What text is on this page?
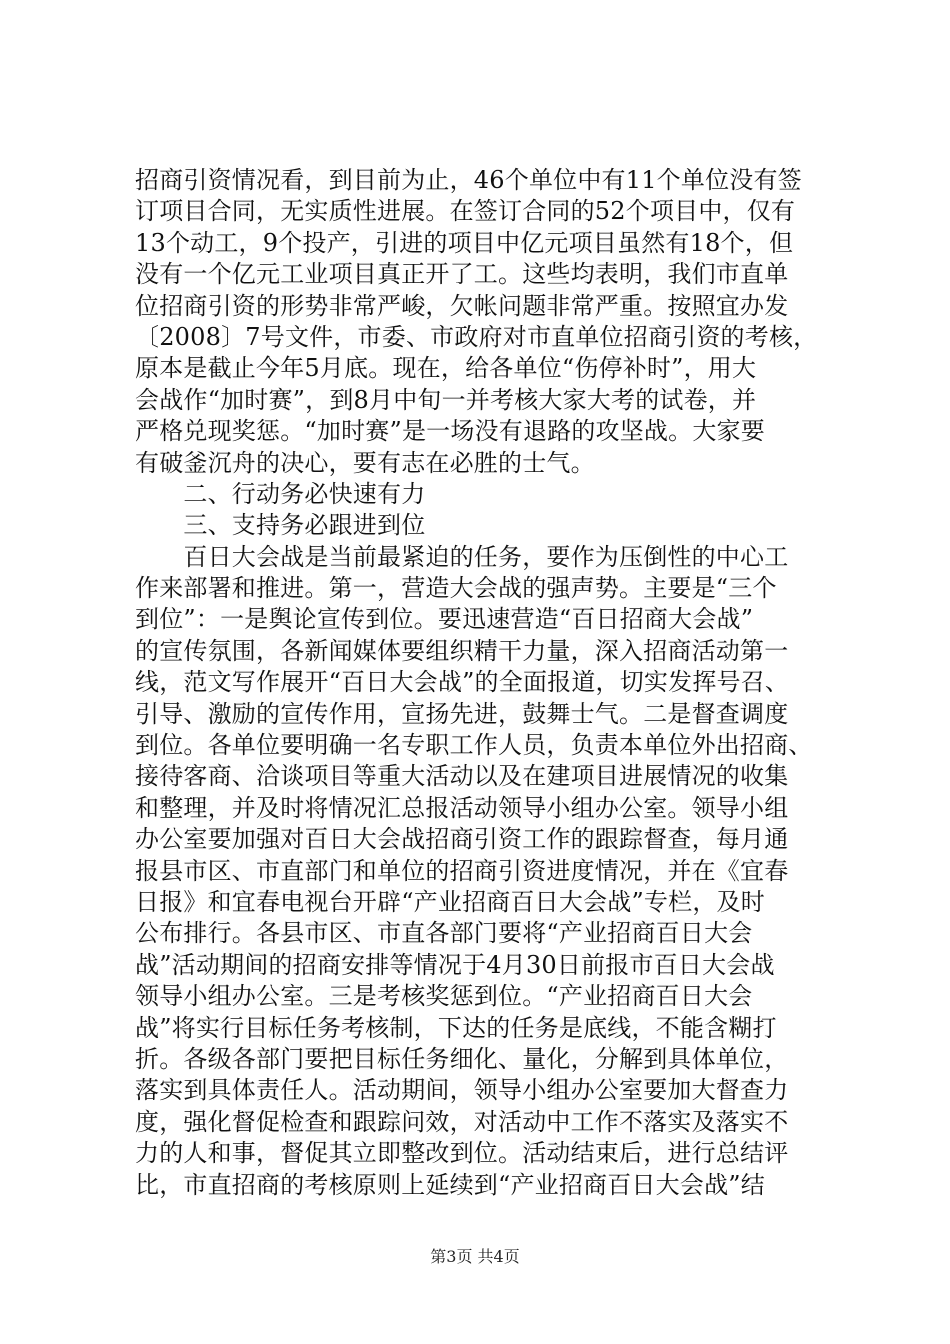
招商引资情况看，到目前为止，46个单位中有11个单位没有签
订项目合同，无实质性进展。在签订合同的52个项目中，仅有
13个动工，9个投产，引进的项目中亿元项目虽然有18个，但
没有一个亿元工业项目真正开了工。这些均表明，我们市直单
位招商引资的形势非常严峻，欠帐问题非常严重。按照宜办发
〔2008〕7号文件，市委、市政府对市直单位招商引资的考核，
原本是截止今年5月底。现在，给各单位“伤停补时”，用大
会战作“加时赛”，到8月中旬一并考核大家大考的试卷，并
严格兑现奖惩。“加时赛”是一场没有退路的攻坚战。大家要
有破釜沉舟的决心，要有志在必胜的士气。
　　二、行动务必快速有力
　　三、支持务必跟进到位
　　百日大会战是当前最紧迫的任务，要作为压倒性的中心工
作来部署和推进。第一，营造大会战的强声势。主要是“三个
到位”：一是舆论宣传到位。要迅速营造“百日招商大会战”
的宣传氛围，各新闻媒体要组织精干力量，深入招商活动第一
线，范文写作展开“百日大会战”的全面报道，切实发挥号召、
引导、激励的宣传作用，宣扬先进，鼓舞士气。二是督查调度
到位。各单位要明确一名专职工作人员，负责本单位外出招商、
接待客商、洽谈项目等重大活动以及在建项目进展情况的收集
和整理，并及时将情况汇总报活动领导小组办公室。领导小组
办公室要加强对百日大会战招商引资工作的跟踪督查，每月通
报县市区、市直部门和单位的招商引资进度情况，并在《宜春
日报》和宜春电视台开辟“产业招商百日大会战”专栏，及时
公布排行。各县市区、市直各部门要将“产业招商百日大会
战”活动期间的招商安排等情况于4月30日前报市百日大会战
领导小组办公室。三是考核奖惩到位。“产业招商百日大会
战”将实行目标任务考核制，下达的任务是底线，不能含糊打
折。各级各部门要把目标任务细化、量化，分解到具体单位，
落实到具体责任人。活动期间，领导小组办公室要加大督查力
度，强化督促检查和跟踪问效，对活动中工作不落实及落实不
力的人和事，督促其立即整改到位。活动结束后，进行总结评
比，市直招商的考核原则上延续到“产业招商百日大会战”结
第3页 共4页
